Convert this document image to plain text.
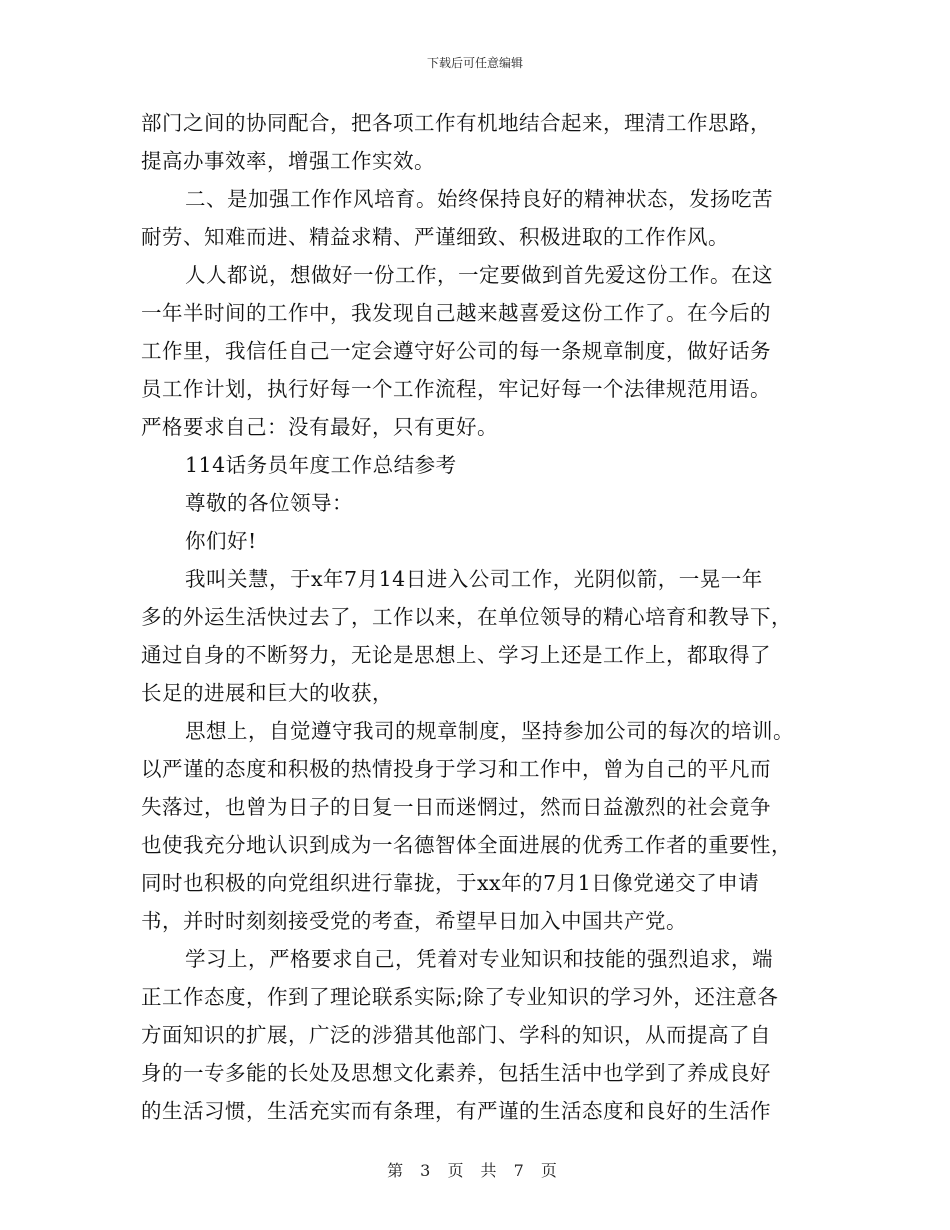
下载后可任意编辑
部门之间的协同配合，把各项工作有机地结合起来，理清工作思路，
提高办事效率，增强工作实效。
二、是加强工作作风培育。始终保持良好的精神状态，发扬吃苦
耐劳、知难而进、精益求精、严谨细致、积极进取的工作作风。
人人都说，想做好一份工作，一定要做到首先爱这份工作。在这
一年半时间的工作中，我发现自己越来越喜爱这份工作了。在今后的
工作里，我信任自己一定会遵守好公司的每一条规章制度，做好话务
员工作计划，执行好每一个工作流程，牢记好每一个法律规范用语。
严格要求自己：没有最好，只有更好。
114话务员年度工作总结参考
尊敬的各位领导：
你们好!
我叫关慧，于x年7月14日进入公司工作，光阴似箭，一晃一年
多的外运生活快过去了，工作以来，在单位领导的精心培育和教导下，
通过自身的不断努力，无论是思想上、学习上还是工作上，都取得了
长足的进展和巨大的收获，
思想上，自觉遵守我司的规章制度，坚持参加公司的每次的培训。
以严谨的态度和积极的热情投身于学习和工作中，曾为自己的平凡而
失落过，也曾为日子的日复一日而迷惘过，然而日益激烈的社会竟争
也使我充分地认识到成为一名德智体全面进展的优秀工作者的重要性，
同时也积极的向党组织进行靠拢，于xx年的7月1日像党递交了申请
书，并时时刻刻接受党的考查，希望早日加入中国共产党。
学习上，严格要求自己，凭着对专业知识和技能的强烈追求，端
正工作态度，作到了理论联系实际;除了专业知识的学习外，还注意各
方面知识的扩展，广泛的涉猎其他部门、学科的知识，从而提高了自
身的一专多能的长处及思想文化素养，包括生活中也学到了养成良好
的生活习惯，生活充实而有条理，有严谨的生活态度和良好的生活作
第 3 页 共 7 页
